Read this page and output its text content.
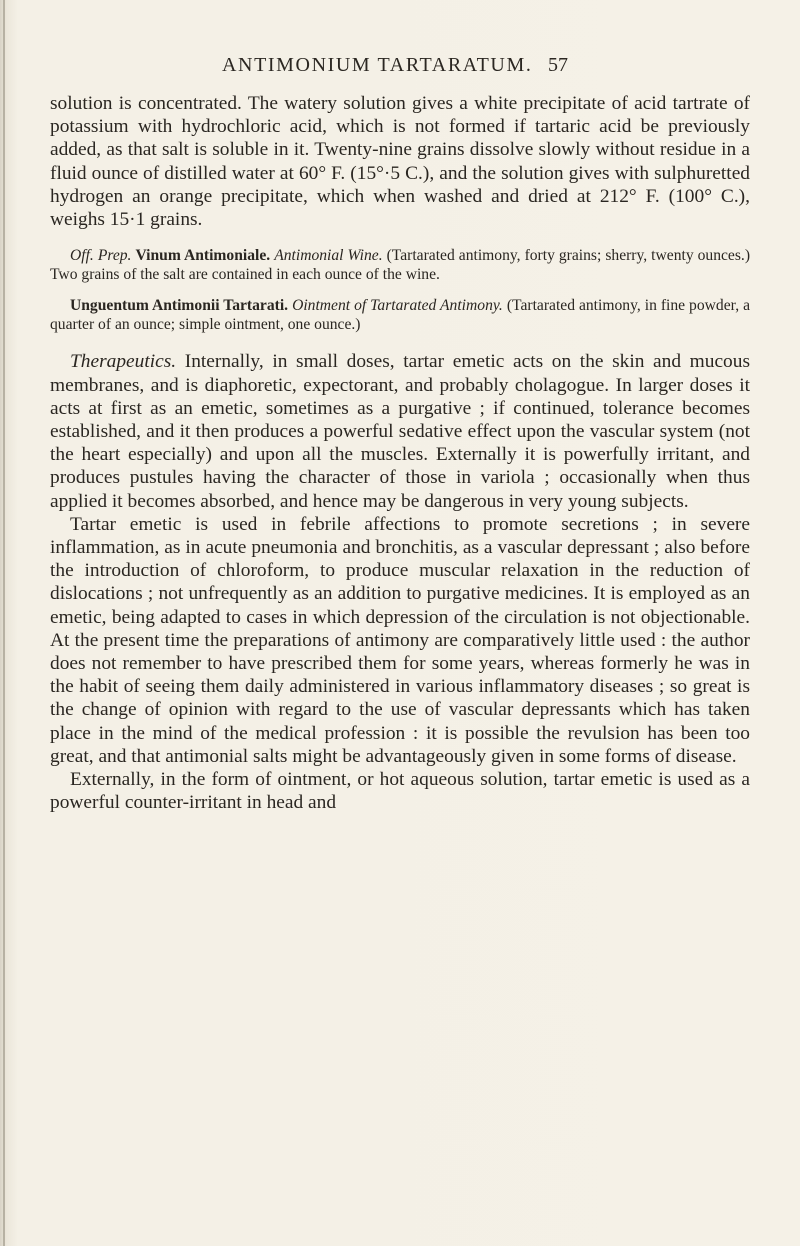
ANTIMONIUM TARTARATUM. 57

solution is concentrated. The watery solution gives a white precipitate of acid tartrate of potassium with hydrochloric acid, which is not formed if tartaric acid be previously added, as that salt is soluble in it. Twenty-nine grains dissolve slowly without residue in a fluid ounce of distilled water at 60° F. (15°·5 C.), and the solution gives with sulphuretted hydrogen an orange precipitate, which when washed and dried at 212° F. (100° C.), weighs 15·1 grains.

Off. Prep. Vinum Antimoniale. Antimonial Wine. (Tartarated antimony, forty grains; sherry, twenty ounces.) Two grains of the salt are contained in each ounce of the wine.

Unguentum Antimonii Tartarati. Ointment of Tartarated Antimony. (Tartarated antimony, in fine powder, a quarter of an ounce; simple ointment, one ounce.)

Therapeutics. Internally, in small doses, tartar emetic acts on the skin and mucous membranes, and is diaphoretic, expectorant, and probably cholagogue. In larger doses it acts at first as an emetic, sometimes as a purgative ; if continued, tolerance becomes established, and it then produces a powerful sedative effect upon the vascular system (not the heart especially) and upon all the muscles. Externally it is powerfully irritant, and produces pustules having the character of those in variola ; occasionally when thus applied it becomes absorbed, and hence may be dangerous in very young subjects.

Tartar emetic is used in febrile affections to promote secretions ; in severe inflammation, as in acute pneumonia and bronchitis, as a vascular depressant ; also before the introduction of chloroform, to produce muscular relaxation in the reduction of dislocations ; not unfrequently as an addition to purgative medicines. It is employed as an emetic, being adapted to cases in which depression of the circulation is not objectionable. At the present time the preparations of antimony are comparatively little used : the author does not remember to have prescribed them for some years, whereas formerly he was in the habit of seeing them daily administered in various inflammatory diseases ; so great is the change of opinion with regard to the use of vascular depressants which has taken place in the mind of the medical profession : it is possible the revulsion has been too great, and that antimonial salts might be advantageously given in some forms of disease.

Externally, in the form of ointment, or hot aqueous solution, tartar emetic is used as a powerful counter-irritant in head and
